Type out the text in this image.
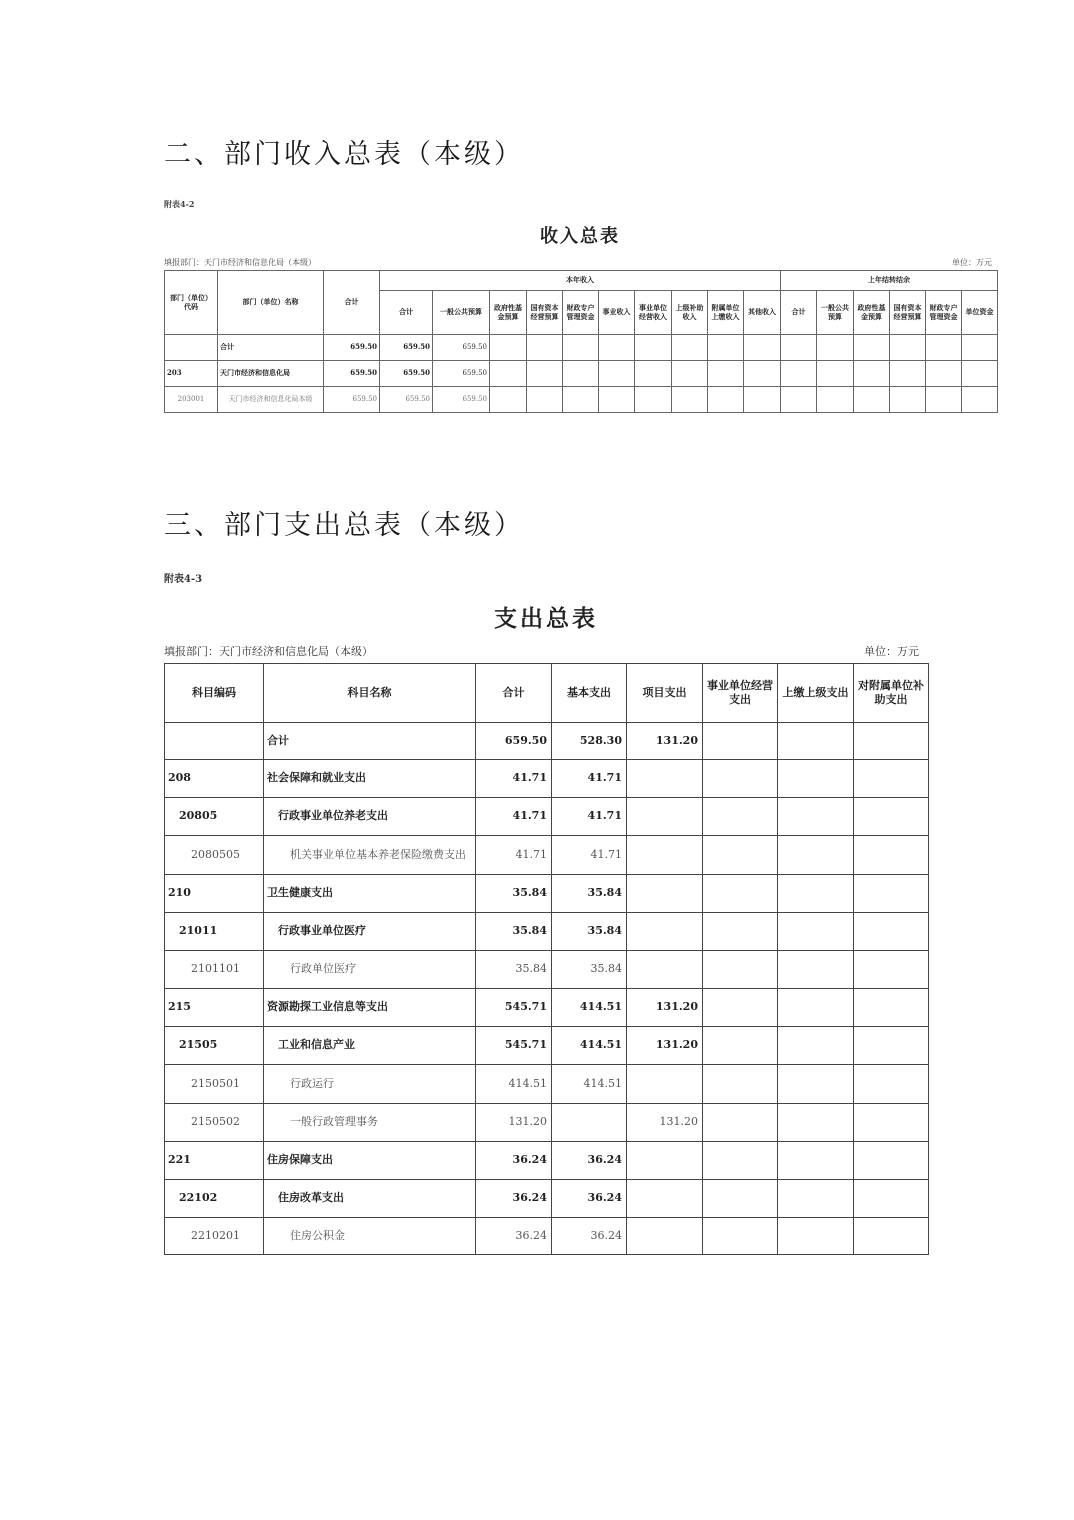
二、部门收入总表（本级）
附表4-2
收入总表
填报部门：天门市经济和信息化局（本级）	单位：万元
部门（单位）代码	部门（单位）名称	合计	本年收入										上年结转结余					
			合计	一般公共预算	政府性基金预算	国有资本经营预算	财政专户管理资金	事业收入	事业单位经营收入	上级补助收入	附属单位上缴收入	其他收入	合计	一般公共预算	政府性基金预算	国有资本经营预算	财政专户管理资金	单位资金
	合计	659.50	659.50	659.50														
203	天门市经济和信息化局	659.50	659.50	659.50														
203001	天门市经济和信息化局本级	659.50	659.50	659.50														
三、部门支出总表（本级）
附表4-3
支出总表
填报部门：天门市经济和信息化局（本级）	单位：万元
科目编码	科目名称	合计	基本支出	项目支出	事业单位经营支出	上缴上级支出	对附属单位补助支出
	合计	659.50	528.30	131.20			
208	社会保障和就业支出	41.71	41.71				
20805	行政事业单位养老支出	41.71	41.71				
2080505	机关事业单位基本养老保险缴费支出	41.71	41.71				
210	卫生健康支出	35.84	35.84				
21011	行政事业单位医疗	35.84	35.84				
2101101	行政单位医疗	35.84	35.84				
215	资源勘探工业信息等支出	545.71	414.51	131.20			
21505	工业和信息产业	545.71	414.51	131.20			
2150501	行政运行	414.51	414.51				
2150502	一般行政管理事务	131.20		131.20			
221	住房保障支出	36.24	36.24				
22102	住房改革支出	36.24	36.24				
2210201	住房公积金	36.24	36.24				
